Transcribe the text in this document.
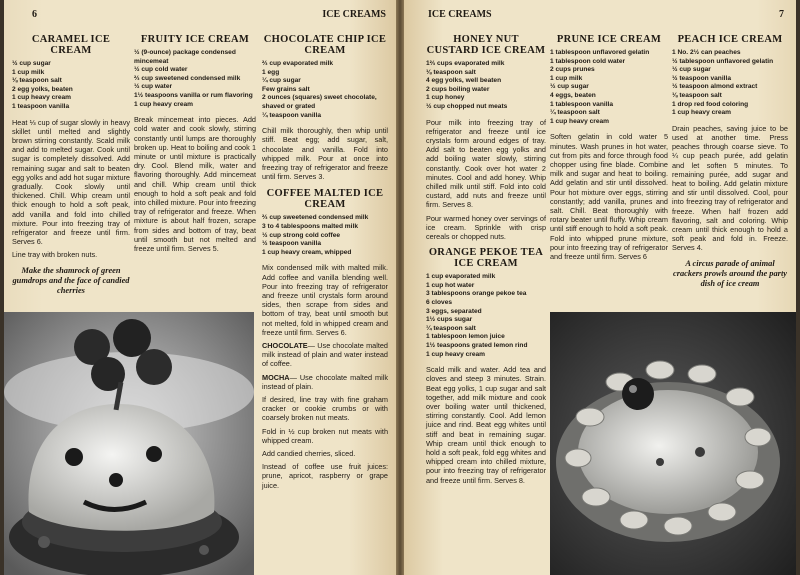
6	ICE CREAMS
CARAMEL ICE CREAM
½ cup sugar
1 cup milk
⅛ teaspoon salt
2 egg yolks, beaten
1 cup heavy cream
1 teaspoon vanilla

Heat ⅓ cup of sugar slowly in heavy skillet until melted and slightly brown stirring constantly. Scald milk and add to melted sugar. Cook until sugar is completely dissolved. Add remaining sugar and salt to beaten egg yolks and add hot sugar mixture gradually. Cook slowly until thickened. Chill. Whip cream until thick enough to hold a soft peak, add vanilla and fold into chilled mixture. Pour into freezing tray of refrigerator and freeze until firm. Serves 6.

Line tray with broken nuts.

Make the shamrock of green gumdrops and the face of candied cherries
FRUITY ICE CREAM
½ (9-ounce) package condensed mincemeat
½ cup cold water
⅔ cup sweetened condensed milk
½ cup water
1½ teaspoons vanilla or rum flavoring
1 cup heavy cream

Break mincemeat into pieces. Add cold water and cook slowly, stirring constantly until lumps are thoroughly broken up. Heat to boiling and cook 1 minute or until mixture is practically dry. Cool. Blend milk, water and flavoring thoroughly. Add mincemeat and chill. Whip cream until thick enough to hold a soft peak and fold into chilled mixture. Pour into freezing tray of refrigerator and freeze. When mixture is about half frozen, scrape from sides and bottom of tray, beat until smooth but not melted and freeze until firm. Serves 5.

CHOCOLATE CHIP ICE CREAM
⅔ cup evaporated milk
1 egg
¼ cup sugar
Few grains salt
2 ounces (squares) sweet chocolate, shaved or grated
¼ teaspoon vanilla

Chill milk thoroughly, then whip until stiff. Beat egg; add sugar, salt, chocolate and vanilla. Fold into whipped milk. Pour at once into freezing tray of refrigerator and freeze until firm. Serves 3.

COFFEE MALTED ICE CREAM
⅔ cup sweetened condensed milk
3 to 4 tablespoons malted milk
½ cup strong cold coffee
½ teaspoon vanilla
1 cup heavy cream, whipped

Mix condensed milk with malted milk. Add coffee and vanilla blending well. Pour into freezing tray of refrigerator and freeze until crystals form around sides, then scrape from sides and bottom of tray, beat until smooth but not melted, fold in whipped cream and freeze until firm. Serves 6.

CHOCOLATE— Use chocolate malted milk instead of plain and water instead of coffee.

MOCHA— Use chocolate malted milk instead of plain.

If desired, line tray with fine graham cracker or cookie crumbs or with coarsely broken nut meats.

Fold in ½ cup broken nut meats with whipped cream.

Add candied cherries, sliced.

Instead of coffee use fruit juices: prune, apricot, raspberry or grape juice.

ICE CREAMS	7
HONEY NUT CUSTARD ICE CREAM
1⅔ cups evaporated milk
⅛ teaspoon salt
4 egg yolks, well beaten
2 cups boiling water
1 cup honey
½ cup chopped nut meats

Pour milk into freezing tray of refrigerator and freeze until ice crystals form around edges of tray. Add salt to beaten egg yolks and add boiling water slowly, stirring constantly. Cook over hot water 2 minutes. Cool and add honey. Whip chilled milk until stiff. Fold into cold custard, add nuts and freeze until firm. Serves 8.

Pour warmed honey over servings of ice cream. Sprinkle with crisp cereals or chopped nuts.

ORANGE PEKOE TEA ICE CREAM
1 cup evaporated milk
1 cup hot water
3 tablespoons orange pekoe tea
6 cloves
3 eggs, separated
1½ cups sugar
¼ teaspoon salt
1 tablespoon lemon juice
1½ teaspoons grated lemon rind
1 cup heavy cream

Scald milk and water. Add tea and cloves and steep 3 minutes. Strain. Beat egg yolks, 1 cup sugar and salt together, add milk mixture and cook over boiling water until thickened, stirring constantly. Cool. Add lemon juice and rind. Beat egg whites until stiff and beat in remaining sugar. Whip cream until thick enough to hold a soft peak, fold egg whites and whipped cream into chilled mixture, pour into freezing tray of refrigerator and freeze until firm. Serves 8.

PRUNE ICE CREAM
1 tablespoon unflavored gelatin
1 tablespoon cold water
2 cups prunes
1 cup milk
½ cup sugar
4 eggs, beaten
1 tablespoon vanilla
¼ teaspoon salt
1 cup heavy cream

Soften gelatin in cold water 5 minutes. Wash prunes in hot water, cut from pits and force through food chopper using fine blade. Combine milk and sugar and heat to boiling. Add gelatin and stir until dissolved. Pour hot mixture over eggs, stirring constantly; add vanilla, prunes and salt. Chill. Beat thoroughly with rotary beater until fluffy. Whip cream until stiff enough to hold a soft peak. Fold into whipped prune mixture, pour into freezing tray of refrigerator and freeze until firm. Serves 6

PEACH ICE CREAM
1 No. 2½ can peaches
½ tablespoon unflavored gelatin
½ cup sugar
½ teaspoon vanilla
½ teaspoon almond extract
⅛ teaspoon salt
1 drop red food coloring
1 cup heavy cream

Drain peaches, saving juice to be used at another time. Press peaches through coarse sieve. To ¼ cup peach purée, add gelatin and let soften 5 minutes. To remaining purée, add sugar and heat to boiling. Add gelatin mixture and stir until dissolved. Cool, pour into freezing tray of refrigerator and freeze. When half frozen add flavoring, salt and coloring. Whip cream until thick enough to hold a soft peak and fold in. Freeze. Serves 4.

A circus parade of animal crackers prowls around the party dish of ice cream
